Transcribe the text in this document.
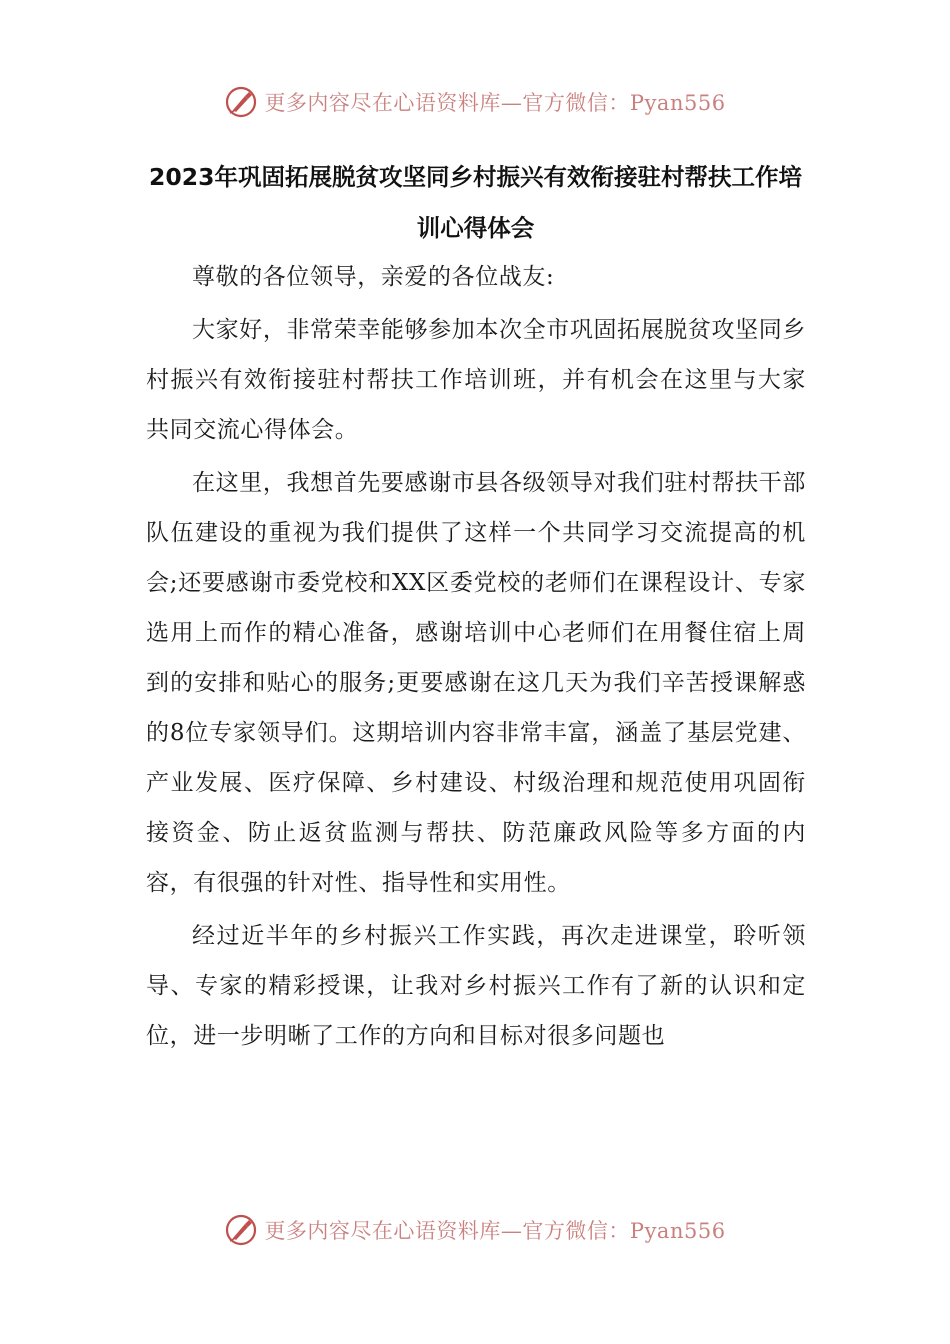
更多内容尽在心语资料库—官方微信：Pyan556
2023年巩固拓展脱贫攻坚同乡村振兴有效衔接驻村帮扶工作培训心得体会

尊敬的各位领导，亲爱的各位战友:

大家好，非常荣幸能够参加本次全市巩固拓展脱贫攻坚同乡村振兴有效衔接驻村帮扶工作培训班，并有机会在这里与大家共同交流心得体会。

在这里，我想首先要感谢市县各级领导对我们驻村帮扶干部队伍建设的重视为我们提供了这样一个共同学习交流提高的机会;还要感谢市委党校和XX区委党校的老师们在课程设计、专家选用上而作的精心准备，感谢培训中心老师们在用餐住宿上周到的安排和贴心的服务;更要感谢在这几天为我们辛苦授课解惑的8位专家领导们。这期培训内容非常丰富，涵盖了基层党建、产业发展、医疗保障、乡村建设、村级治理和规范使用巩固衔接资金、防止返贫监测与帮扶、防范廉政风险等多方面的内容，有很强的针对性、指导性和实用性。

经过近半年的乡村振兴工作实践，再次走进课堂，聆听领导、专家的精彩授课，让我对乡村振兴工作有了新的认识和定位，进一步明晰了工作的方向和目标对很多问题也

更多内容尽在心语资料库—官方微信：Pyan556
